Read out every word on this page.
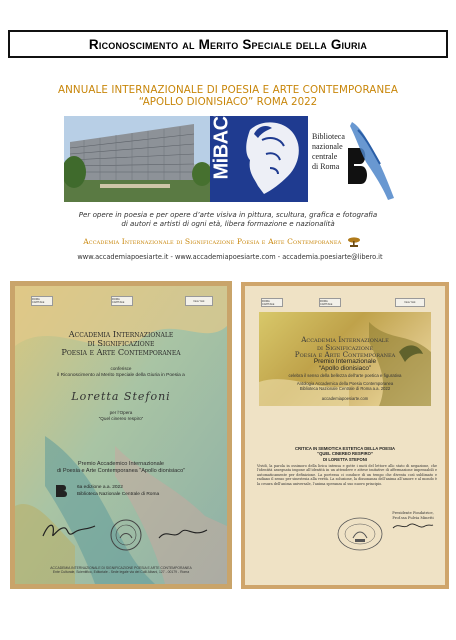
Riconoscimento al Merito Speciale della Giuria
ANNUALE INTERNAZIONALE DI POESIA E ARTE CONTEMPORANEA
“APOLLO DIONISIACO” ROMA 2022
MiBACT	Biblioteca
nazionale
centrale
di Roma
Per opere in poesia e per opere d’arte visiva in pittura, scultura, grafica e fotografia
di autori e artisti di ogni età, libera formazione e nazionalità
Accademia Internazionale di Significazione Poesia e Arte Contemporanea
www.accademiapoesiarte.it - www.accademiapoesiarte.com - accademia.poesiarte@libero.it
ROMA CAPITALE
ROMA CAPITALE	New York
Accademia Internazionale
di Significazione
Poesia e Arte Contemporanea
conferisce
il Riconoscimento al Merito Speciale della Giuria in Poesia a
Loretta Stefoni
per l’Opera
“Quel cinereo respiro”
Premio Accademico Internazionale
di Poesia e Arte Contemporanea “Apollo dionisiaco”
6a edizione a.a. 2022
Biblioteca Nazionale Centrale di Roma
ACCADEMIA INTERNAZIONALE DI SIGNIFICAZIONE POESIA E ARTE CONTEMPORANEA
Ente Culturale, Scientifico, Editoriale - Sede legale via dei Colli Albani, 127 - 00179 - Roma
ROMA CAPITALE
ROMA CAPITALE	New York
Accademia Internazionale
di Significazione
Poesia e Arte Contemporanea
Premio Internazionale
“Apollo dionisiaco”
celebra il senso della bellezza dell’arte poetica e figurativa
Antologia Accademica della Poesia Contemporanea
Biblioteca Nazionale Centrale di Roma a.a. 2022
accademiapoesiarte.com
CRITICA IN SEMIOTICA ESTETICA DELLA POESIA
“QUEL CINEREO RESPIRO”
DI LORETTA STEFONI
Vividi, la parola in ossimoro della lirica intensa e gotte i moti del lettore allo stato di negazione, che l’identità assegnata impone all’identità in un attendere e attese imitative di affermazione impensabili e automaticamente per definizione. La poetessa ci conduce di un tempo che diventa così sublimato e radiano il senso per sinestesia alla verità. La soluzione, la dissonanza dell’anima all’amore e al mondo è la cesura dell’anima universale, l’anima speranza al suo nuovo principio.
Presidente Fondatrice,
Prof.ssa Fulvia Minetti
